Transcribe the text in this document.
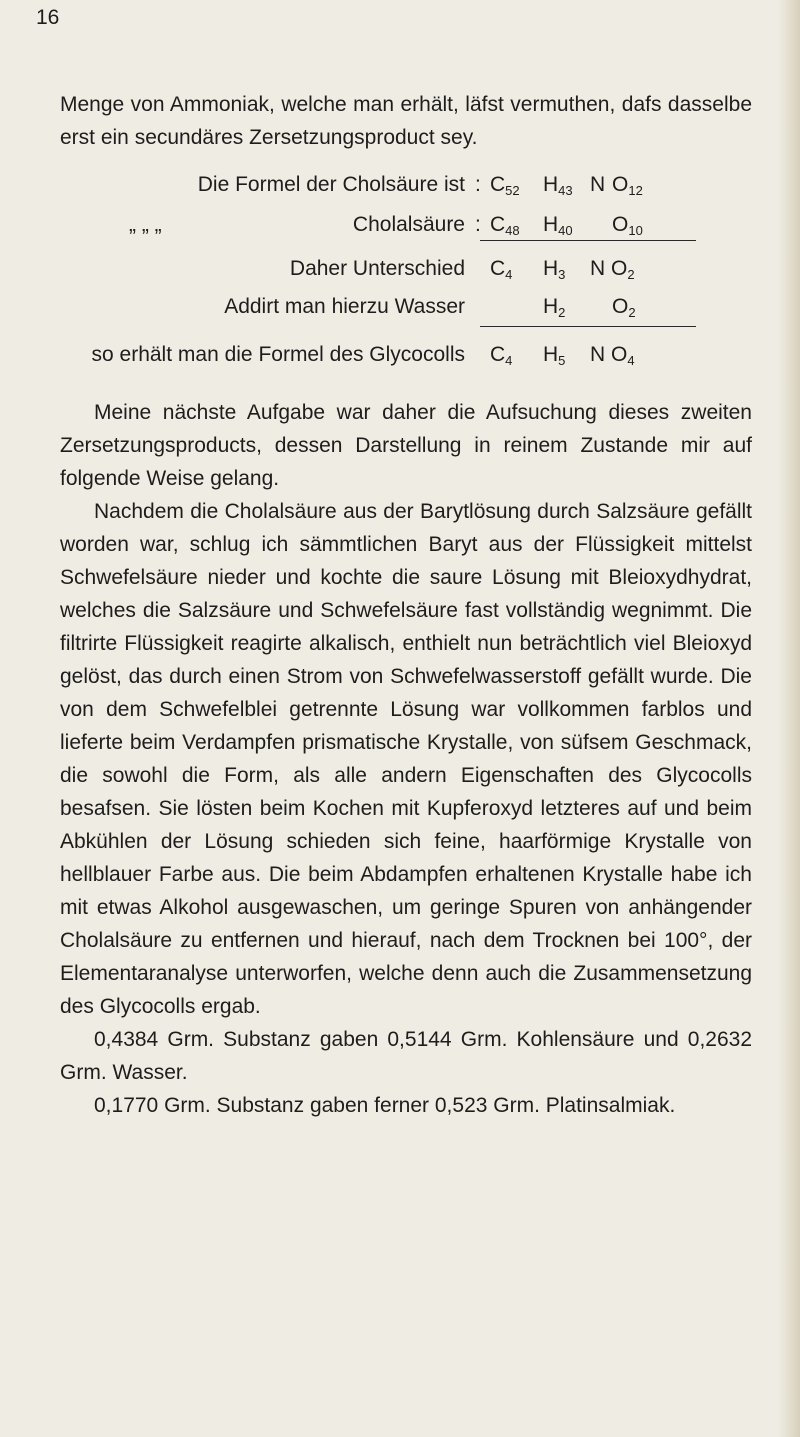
16

Menge von Ammoniak, welche man erhält, läfst vermuthen, dafs dasselbe erst ein secundäres Zersetzungsproduct sey.

Die Formel der Cholsäure ist : $C_{52}$ $H_{43}$ N $O_{12}$
„ „ „	Cholalsäure : $C_{48}$ $H_{40}$ $O_{10}$
Daher Unterschied $C_4$ $H_3$ N $O_2$
Addirt man hierzu Wasser	$H_2$ $O_2$
so erhält man die Formel des Glycocolls $C_4$ $H_5$ N $O_4$

Meine nächste Aufgabe war daher die Aufsuchung dieses zweiten Zersetzungsproducts, dessen Darstellung in reinem Zustande mir auf folgende Weise gelang.

Nachdem die Cholalsäure aus der Barytlösung durch Salzsäure gefällt worden war, schlug ich sämmtlichen Baryt aus der Flüssigkeit mittelst Schwefelsäure nieder und kochte die saure Lösung mit Bleioxydhydrat, welches die Salzsäure und Schwefelsäure fast vollständig wegnimmt. Die filtrirte Flüssigkeit reagirte alkalisch, enthielt nun beträchtlich viel Bleioxyd gelöst, das durch einen Strom von Schwefelwasserstoff gefällt wurde. Die von dem Schwefelblei getrennte Lösung war vollkommen farblos und lieferte beim Verdampfen prismatische Krystalle, von süfsem Geschmack, die sowohl die Form, als alle andern Eigenschaften des Glycocolls besafsen. Sie lösten beim Kochen mit Kupferoxyd letzteres auf und beim Abkühlen der Lösung schieden sich feine, haarförmige Krystalle von hellblauer Farbe aus. Die beim Abdampfen erhaltenen Krystalle habe ich mit etwas Alkohol ausgewaschen, um geringe Spuren von anhängender Cholalsäure zu entfernen und hierauf, nach dem Trocknen bei 100°, der Elementaranalyse unterworfen, welche denn auch die Zusammensetzung des Glycocolls ergab.

0,4384 Grm. Substanz gaben 0,5144 Grm. Kohlensäure und 0,2632 Grm. Wasser.

0,1770 Grm. Substanz gaben ferner 0,523 Grm. Platinsalmiak.
